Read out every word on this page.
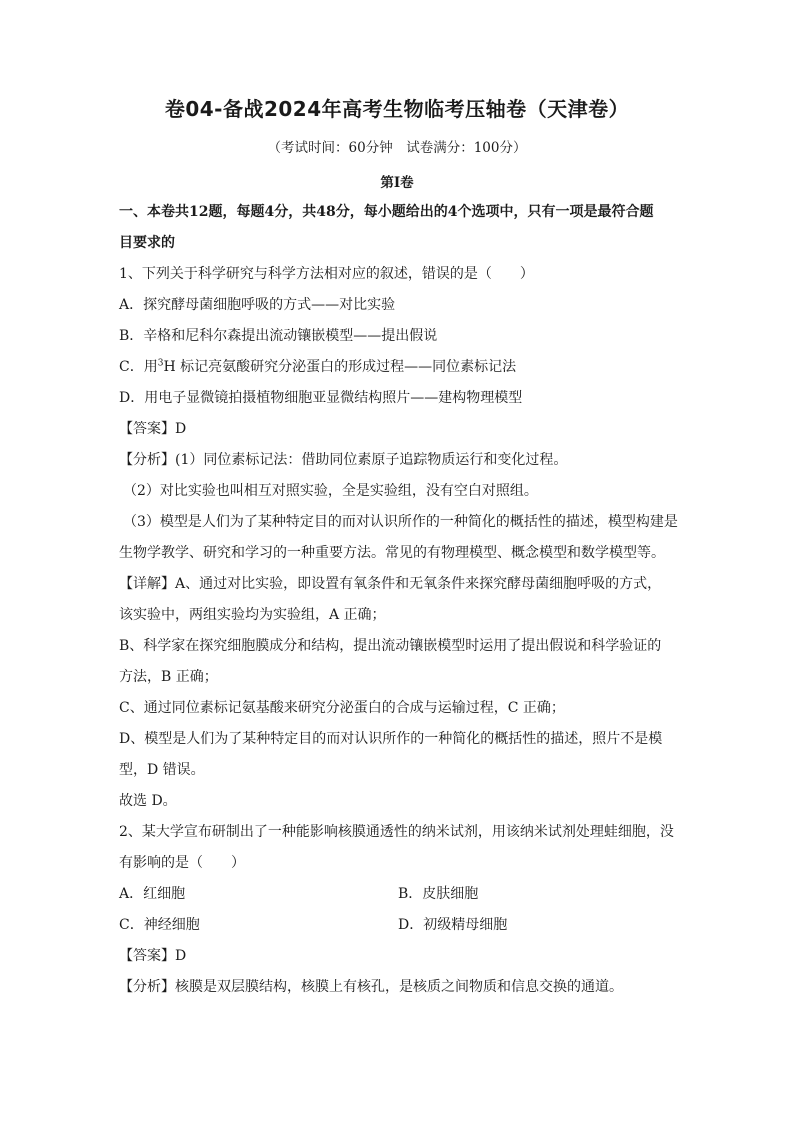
卷04-备战2024年高考生物临考压轴卷（天津卷）
（考试时间：60分钟　试卷满分：100分）
第I卷
一、本卷共12题，每题4分，共48分，每小题给出的4个选项中，只有一项是最符合题
目要求的
1、下列关于科学研究与科学方法相对应的叙述，错误的是（　　）
A．探究酵母菌细胞呼吸的方式——对比实验
B．辛格和尼科尔森提出流动镶嵌模型——提出假说
C．用$^3$H 标记亮氨酸研究分泌蛋白的形成过程——同位素标记法
D．用电子显微镜拍摄植物细胞亚显微结构照片——建构物理模型
【答案】D
【分析】(1）同位素标记法：借助同位素原子追踪物质运行和变化过程。
（2）对比实验也叫相互对照实验，全是实验组，没有空白对照组。
（3）模型是人们为了某种特定目的而对认识所作的一种简化的概括性的描述，模型构建是
生物学教学、研究和学习的一种重要方法。常见的有物理模型、概念模型和数学模型等。
【详解】A、通过对比实验，即设置有氧条件和无氧条件来探究酵母菌细胞呼吸的方式，
该实验中，两组实验均为实验组，A 正确；
B、科学家在探究细胞膜成分和结构，提出流动镶嵌模型时运用了提出假说和科学验证的
方法，B 正确；
C、通过同位素标记氨基酸来研究分泌蛋白的合成与运输过程，C 正确；
D、模型是人们为了某种特定目的而对认识所作的一种简化的概括性的描述，照片不是模
型，D 错误。
故选 D。
2、某大学宣布研制出了一种能影响核膜通透性的纳米试剂，用该纳米试剂处理蛙细胞，没
有影响的是（　　）
A．红细胞	B．皮肤细胞
C．神经细胞	D．初级精母细胞
【答案】D
【分析】核膜是双层膜结构，核膜上有核孔，是核质之间物质和信息交换的通道。
